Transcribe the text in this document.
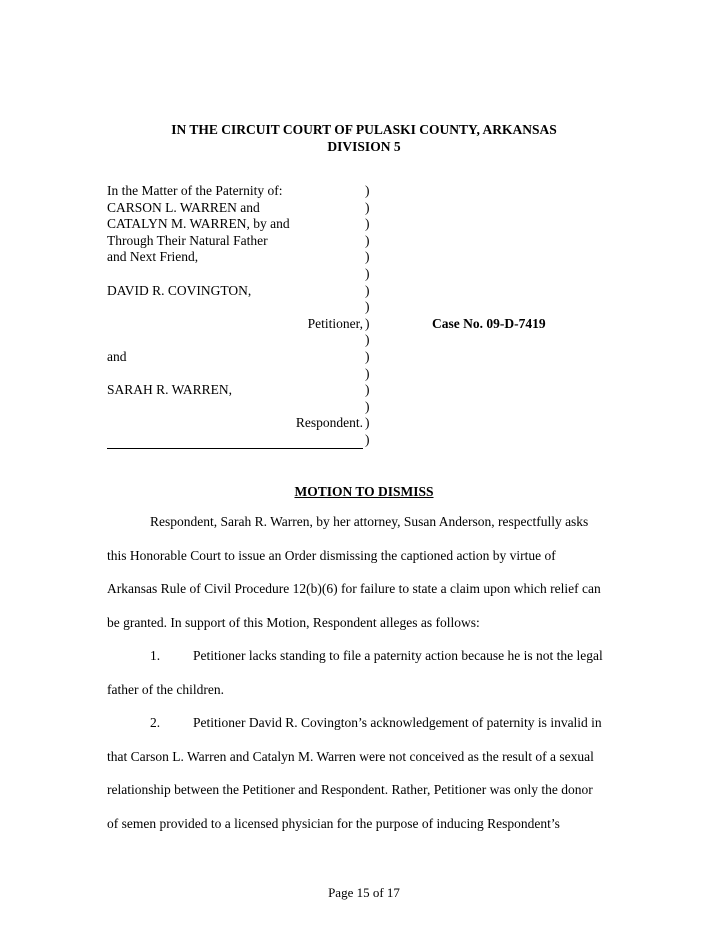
IN THE CIRCUIT COURT OF PULASKI COUNTY, ARKANSAS
DIVISION 5
In the Matter of the Paternity of:
CARSON L. WARREN and
CATALYN M. WARREN, by and
Through Their Natural Father
and Next Friend,
DAVID R. COVINGTON,
Petitioner,
and
SARAH R. WARREN,
Respondent.
)
)
)
)
)
)
)
)
)
)
)
)
)
)
)
)
Case No. 09-D-7419
MOTION TO DISMISS
Respondent, Sarah R. Warren, by her attorney, Susan Anderson, respectfully asks
this Honorable Court to issue an Order dismissing the captioned action by virtue of
Arkansas Rule of Civil Procedure 12(b)(6) for failure to state a claim upon which relief can
be granted. In support of this Motion, Respondent alleges as follows:
1. Petitioner lacks standing to file a paternity action because he is not the legal
father of the children.
2. Petitioner David R. Covington’s acknowledgement of paternity is invalid in
that Carson L. Warren and Catalyn M. Warren were not conceived as the result of a sexual
relationship between the Petitioner and Respondent. Rather, Petitioner was only the donor
of semen provided to a licensed physician for the purpose of inducing Respondent’s
Page 15 of 17
